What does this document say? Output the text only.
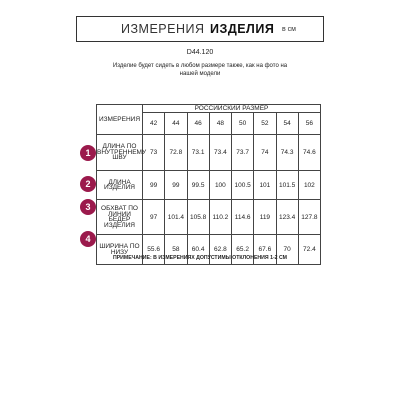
ИЗМЕРЕНИЯ ИЗДЕЛИЯ в см
D44.120
Изделие будет сидеть в любом размере также, как на фото на
нашей модели
1
2
3
4
ИЗМЕРЕНИЯ	РОССИЙСКИЙ РАЗМЕР							
	42	44	46	48	50	52	54	56

ДЛИНА ПО
ВНУТРЕННЕМУ
ШВУ	73	72.8	73.1	73.4	73.7	74	74.3	74.6

ДЛИНА
ИЗДЕЛИЯ	99	99	99.5	100	100.5	101	101.5	102

ОБХВАТ ПО
ЛИНИИ БЕДЕР
ИЗДЕЛИЯ	97	101.4	105.8	110.2	114.6	119	123.4	127.8

ШИРИНА ПО
НИЗУ	55.6	58	60.4	62.8	65.2	67.6	70	72.4
ПРИМЕЧАНИЕ: В ИЗМЕРЕНИЯХ ДОПУСТИМЫ ОТКЛОНЕНИЯ 1-2 СМ
